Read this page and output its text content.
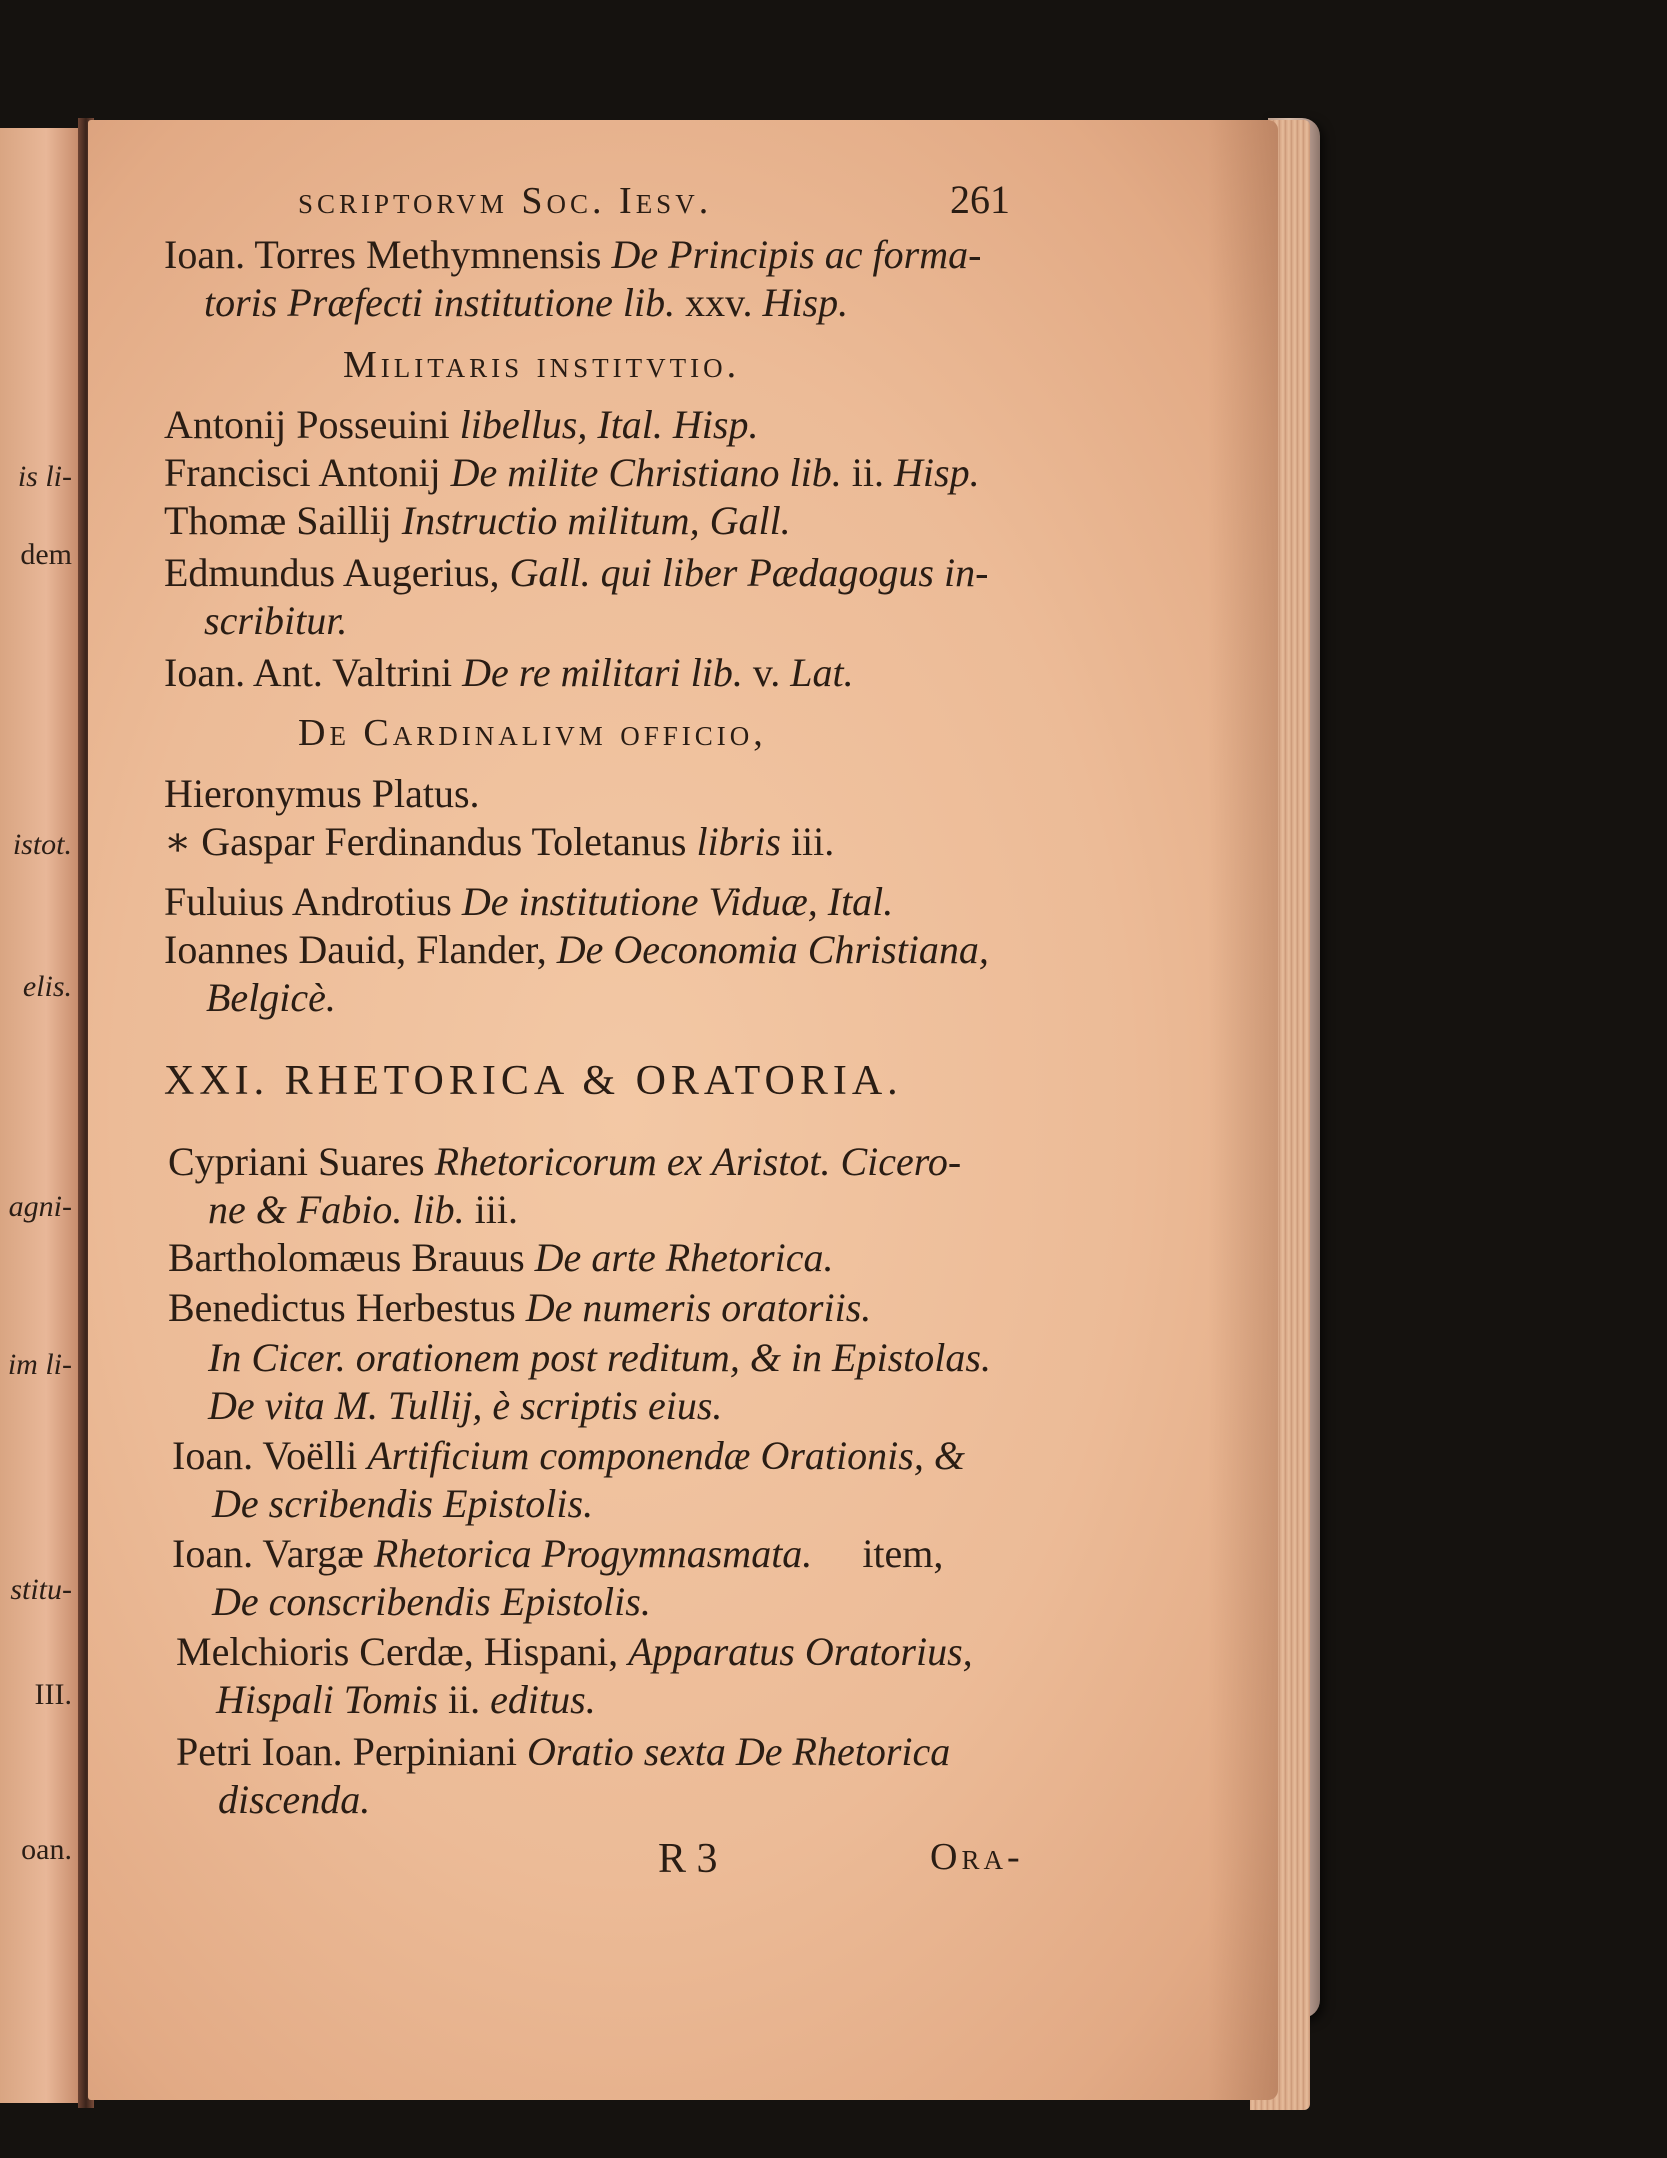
is li-
dem
istot.
elis.
agni-
im li-
stitu-
III.
oan.
scriptorvm Soc. Iesv.	261
Ioan. Torres Methymnensis De Principis ac forma-
toris Præfecti institutione lib. xxv. Hisp.
Militaris institvtio.
Antonij Posseuini libellus, Ital. Hisp.
Francisci Antonij De milite Christiano lib. ii. Hisp.
Thomæ Saillij Instructio militum, Gall.
Edmundus Augerius, Gall. qui liber Pædagogus in-
scribitur.
Ioan. Ant. Valtrini De re militari lib. v. Lat.
De Cardinalivm officio,
Hieronymus Platus.
∗ Gaspar Ferdinandus Toletanus libris iii.
Fuluius Androtius De institutione Viduæ, Ital.
Ioannes Dauid, Flander, De Oeconomia Christiana,
Belgicè.
XXI. RHETORICA & ORATORIA.
Cypriani Suares Rhetoricorum ex Aristot. Cicero-
ne & Fabio. lib. iii.
Bartholomæus Brauus De arte Rhetorica.
Benedictus Herbestus De numeris oratoriis.
In Cicer. orationem post reditum, & in Epistolas.
De vita M. Tullij, è scriptis eius.
Ioan. Voëlli Artificium componendæ Orationis, &
De scribendis Epistolis.
Ioan. Vargæ Rhetorica Progymnasmata. item,
De conscribendis Epistolis.
Melchioris Cerdæ, Hispani, Apparatus Oratorius,
Hispali Tomis ii. editus.
Petri Ioan. Perpiniani Oratio sexta De Rhetorica
discenda.
R 3	Ora-
